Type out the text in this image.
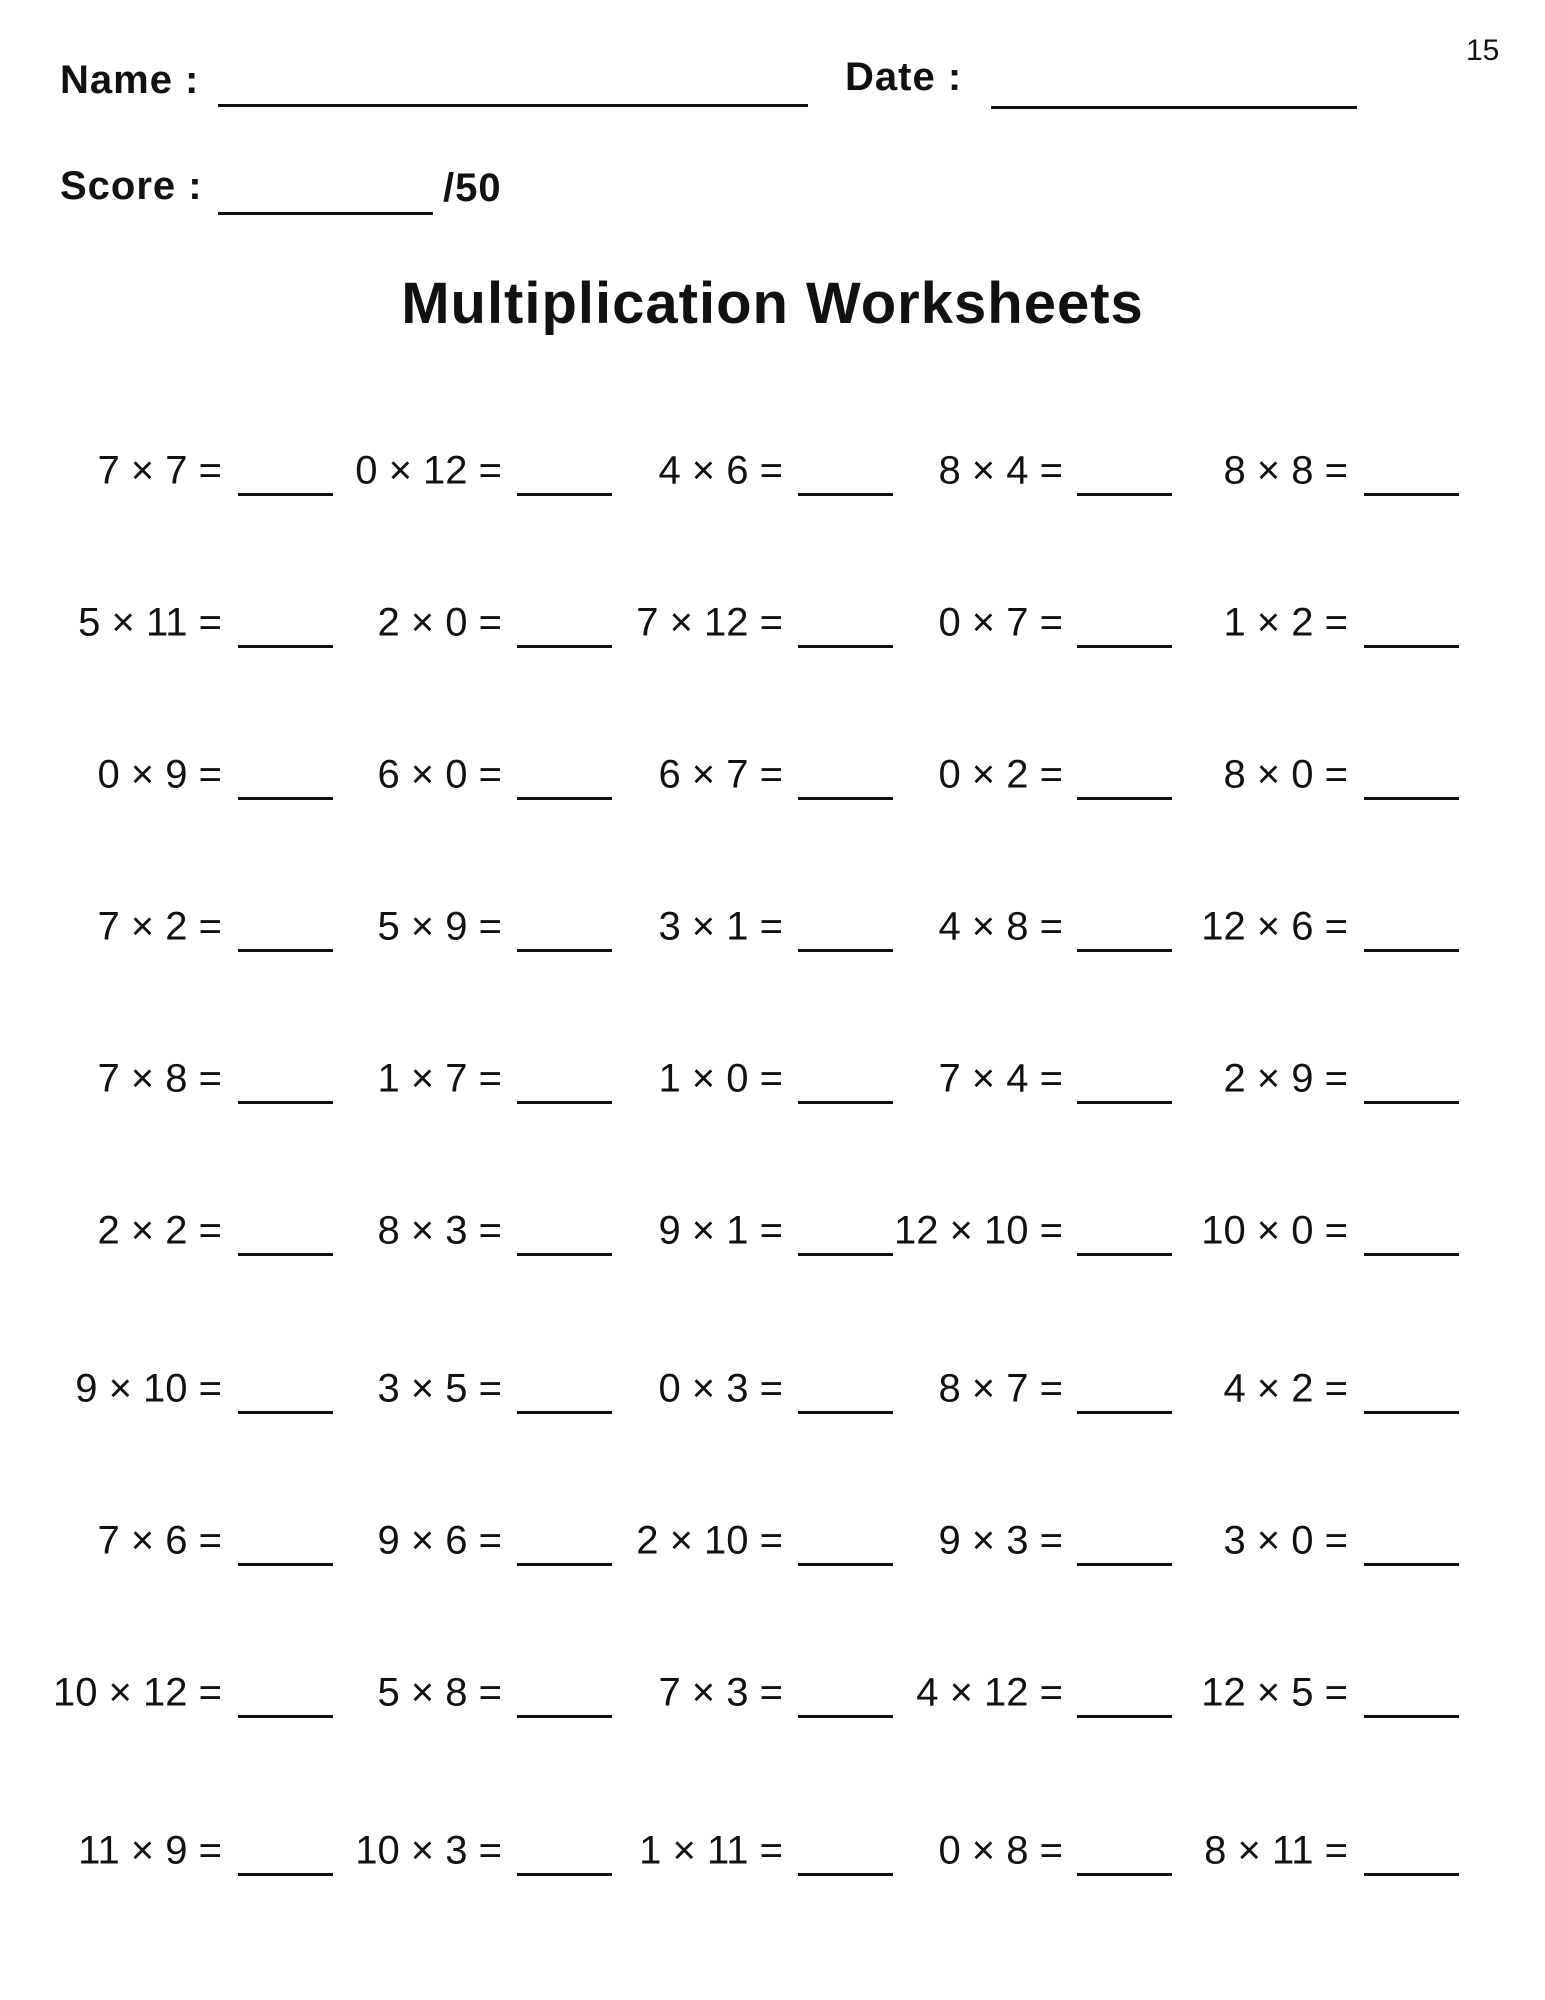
15
Name :	Date :
Score :	/50
Multiplication Worksheets
7 × 7 =	0 × 12 =	4 × 6 =	8 × 4 =	8 × 8 =
5 × 11 =	2 × 0 =	7 × 12 =	0 × 7 =	1 × 2 =
0 × 9 =	6 × 0 =	6 × 7 =	0 × 2 =	8 × 0 =
7 × 2 =	5 × 9 =	3 × 1 =	4 × 8 =	12 × 6 =
7 × 8 =	1 × 7 =	1 × 0 =	7 × 4 =	2 × 9 =
2 × 2 =	8 × 3 =	9 × 1 =	12 × 10 =	10 × 0 =
9 × 10 =	3 × 5 =	0 × 3 =	8 × 7 =	4 × 2 =
7 × 6 =	9 × 6 =	2 × 10 =	9 × 3 =	3 × 0 =
10 × 12 =	5 × 8 =	7 × 3 =	4 × 12 =	12 × 5 =
11 × 9 =	10 × 3 =	1 × 11 =	0 × 8 =	8 × 11 =
